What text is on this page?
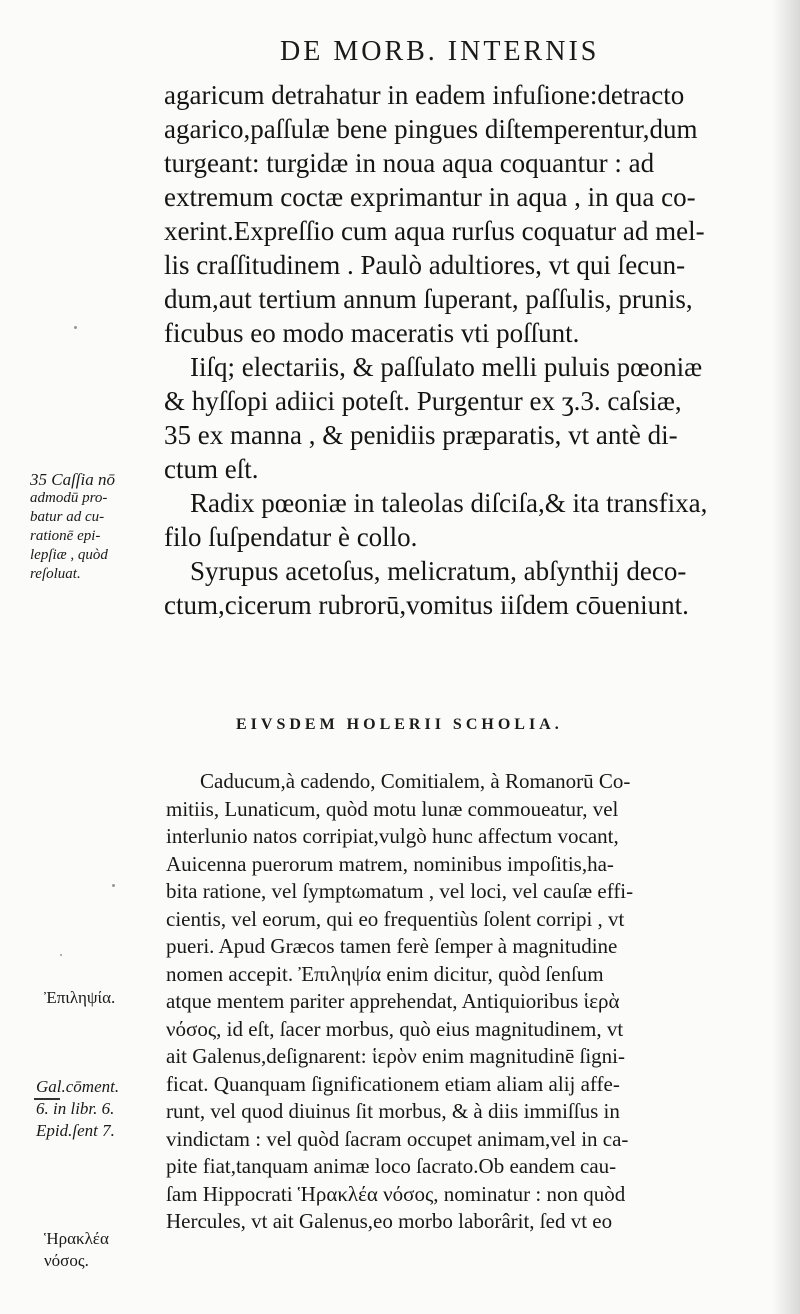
DE MORB. INTERNIS
agaricum detrahatur in eadem infuſione:detracto
agarico,paſſulæ bene pingues diſtemperentur,dum
turgeant: turgidæ in noua aqua coquantur : ad
extremum coctæ exprimantur in aqua , in qua co-
xerint.Expreſſio cum aqua rurſus coquatur ad mel-
lis craſſitudinem . Paulò adultiores, vt qui ſecun-
dum,aut tertium annum ſuperant, paſſulis, prunis,
ficubus eo modo maceratis vti poſſunt.
Iiſq; electariis, & paſſulato melli puluis pœoniæ
& hyſſopi adiici poteſt. Purgentur ex ʒ.3. caſsiæ,
35 ex manna , & penidiis præparatis, vt antè di-
ctum eſt.
Radix pœoniæ in taleolas diſciſa,& ita transfixa,
filo ſuſpendatur è collo.
Syrupus acetoſus, melicratum, abſynthij deco-
ctum,cicerum rubrorū,vomitus iiſdem cōueniunt.
35 Caſſia nō
admodū pro-
batur ad cu-
rationē epi-
lepſiæ , quòd
reſoluat.
EIVSDEM HOLERII SCHOLIA.
Caducum,à cadendo, Comitialem, à Romanorū Co-
mitiis, Lunaticum, quòd motu lunæ commoueatur, vel
interlunio natos corripiat,vulgò hunc affectum vocant,
Auicenna puerorum matrem, nominibus impoſitis,ha-
bita ratione, vel ſymptωmatum , vel loci, vel cauſæ effi-
cientis, vel eorum, qui eo frequentiùs ſolent corripi , vt
pueri. Apud Græcos tamen ferè ſemper à magnitudine
nomen accepit. Ἐπιληψία enim dicitur, quòd ſenſum
atque mentem pariter apprehendat, Antiquioribus ἱερὰ
νόσος, id eſt, ſacer morbus, quò eius magnitudinem, vt
ait Galenus,deſignarent: ἱερὸν enim magnitudinē ſigni-
ficat. Quanquam ſignificationem etiam aliam alij affe-
runt, vel quod diuinus ſit morbus, & à diis immiſſus in
vindictam : vel quòd ſacram occupet animam,vel in ca-
pite fiat,tanquam animæ loco ſacrato.Ob eandem cau-
ſam Hippocrati Ἡρακλέα νόσος, nominatur : non quòd
Hercules, vt ait Galenus,eo morbo laborârit, ſed vt eo
Ἐπιληψία.
Gal.cōment.
6. in libr. 6.
Epid.ſent 7.
Ἡρακλέα
νόσος.
